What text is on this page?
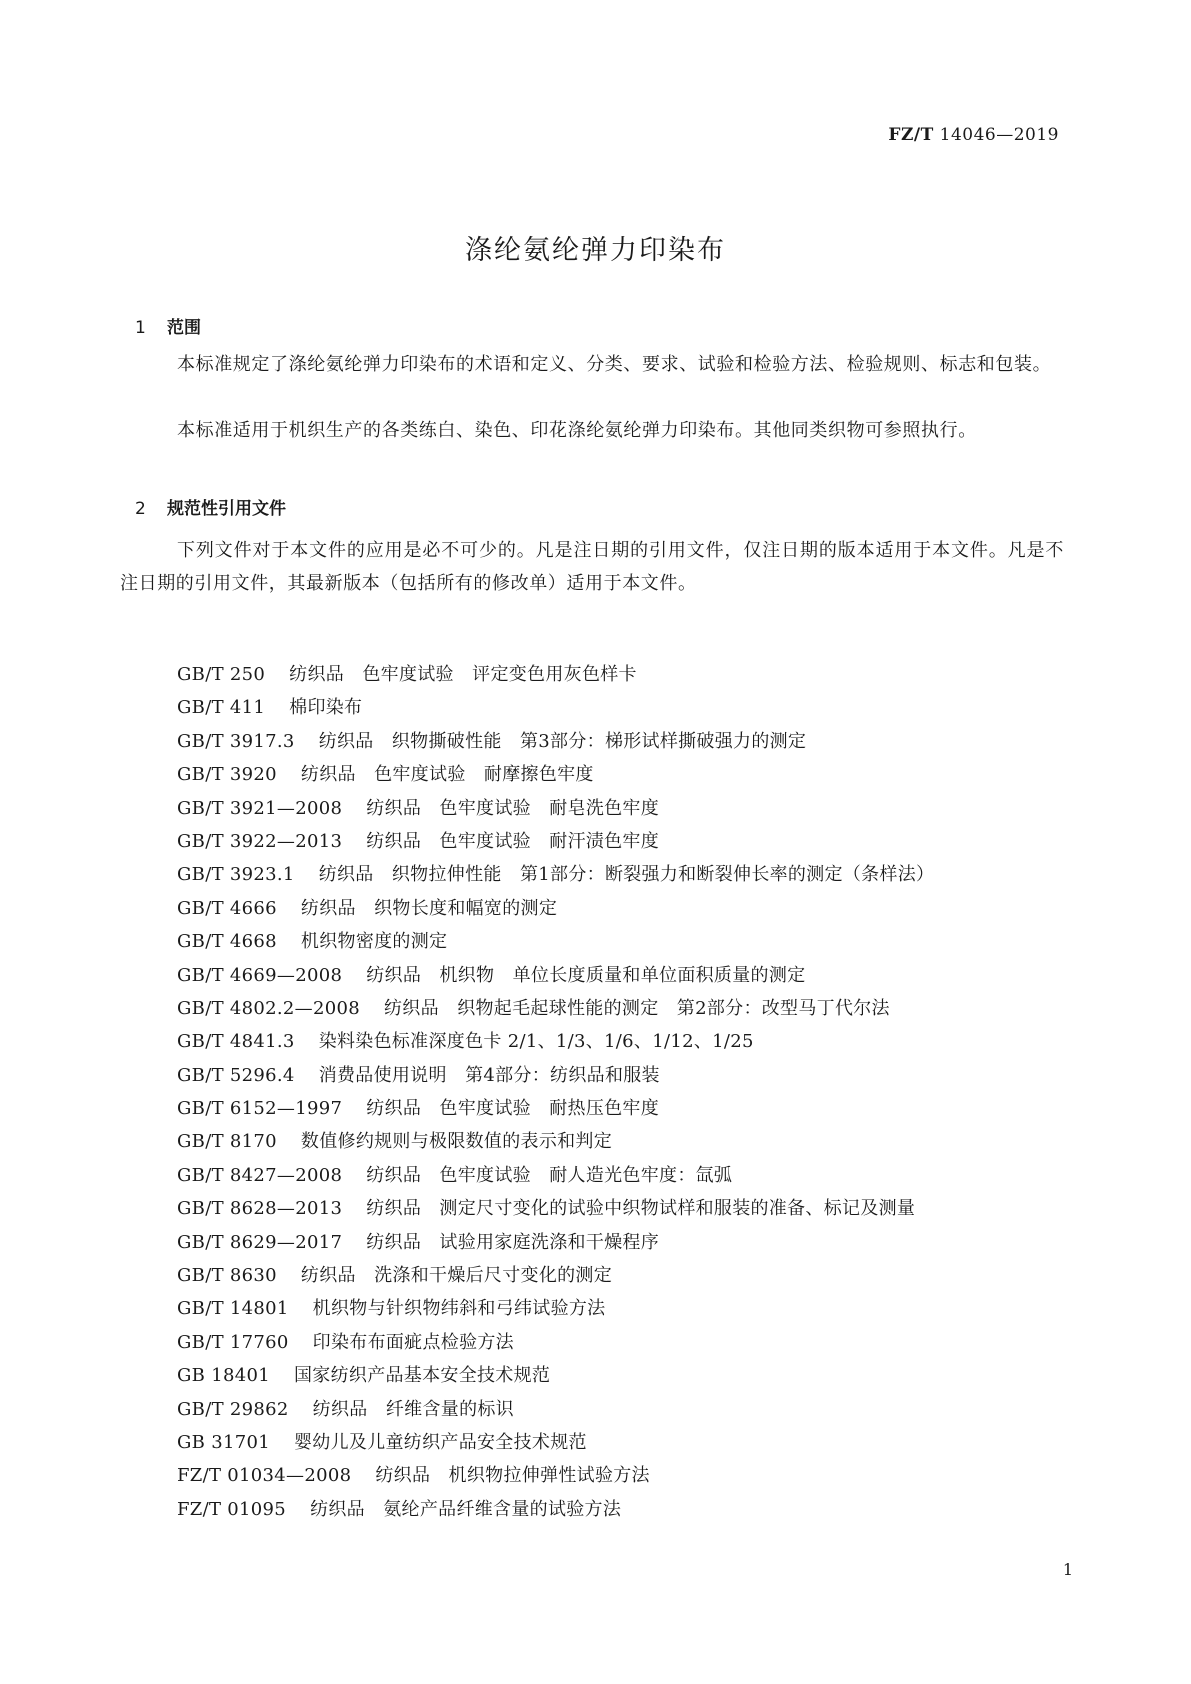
FZ/T 14046—2019
涤纶氨纶弹力印染布
1 范围

本标准规定了涤纶氨纶弹力印染布的术语和定义、分类、要求、试验和检验方法、检验规则、标志和包装。

本标准适用于机织生产的各类练白、染色、印花涤纶氨纶弹力印染布。其他同类织物可参照执行。

2 规范性引用文件

下列文件对于本文件的应用是必不可少的。凡是注日期的引用文件，仅注日期的版本适用于本文件。凡是不注日期的引用文件，其最新版本（包括所有的修改单）适用于本文件。

GB/T 250 纺织品　色牢度试验　评定变色用灰色样卡
GB/T 411 棉印染布
GB/T 3917.3 纺织品　织物撕破性能　第3部分：梯形试样撕破强力的测定
GB/T 3920 纺织品　色牢度试验　耐摩擦色牢度
GB/T 3921—2008 纺织品　色牢度试验　耐皂洗色牢度
GB/T 3922—2013 纺织品　色牢度试验　耐汗渍色牢度
GB/T 3923.1 纺织品　织物拉伸性能　第1部分：断裂强力和断裂伸长率的测定（条样法）
GB/T 4666 纺织品　织物长度和幅宽的测定
GB/T 4668 机织物密度的测定
GB/T 4669—2008 纺织品　机织物　单位长度质量和单位面积质量的测定
GB/T 4802.2—2008 纺织品　织物起毛起球性能的测定　第2部分：改型马丁代尔法
GB/T 4841.3 染料染色标准深度色卡 2/1、1/3、1/6、1/12、1/25
GB/T 5296.4 消费品使用说明　第4部分：纺织品和服装
GB/T 6152—1997 纺织品　色牢度试验　耐热压色牢度
GB/T 8170 数值修约规则与极限数值的表示和判定
GB/T 8427—2008 纺织品　色牢度试验　耐人造光色牢度：氙弧
GB/T 8628—2013 纺织品　测定尺寸变化的试验中织物试样和服装的准备、标记及测量
GB/T 8629—2017 纺织品　试验用家庭洗涤和干燥程序
GB/T 8630 纺织品　洗涤和干燥后尺寸变化的测定
GB/T 14801 机织物与针织物纬斜和弓纬试验方法
GB/T 17760 印染布布面疵点检验方法
GB 18401 国家纺织产品基本安全技术规范
GB/T 29862 纺织品　纤维含量的标识
GB 31701 婴幼儿及儿童纺织产品安全技术规范
FZ/T 01034—2008 纺织品　机织物拉伸弹性试验方法
FZ/T 01095 纺织品　氨纶产品纤维含量的试验方法
1
